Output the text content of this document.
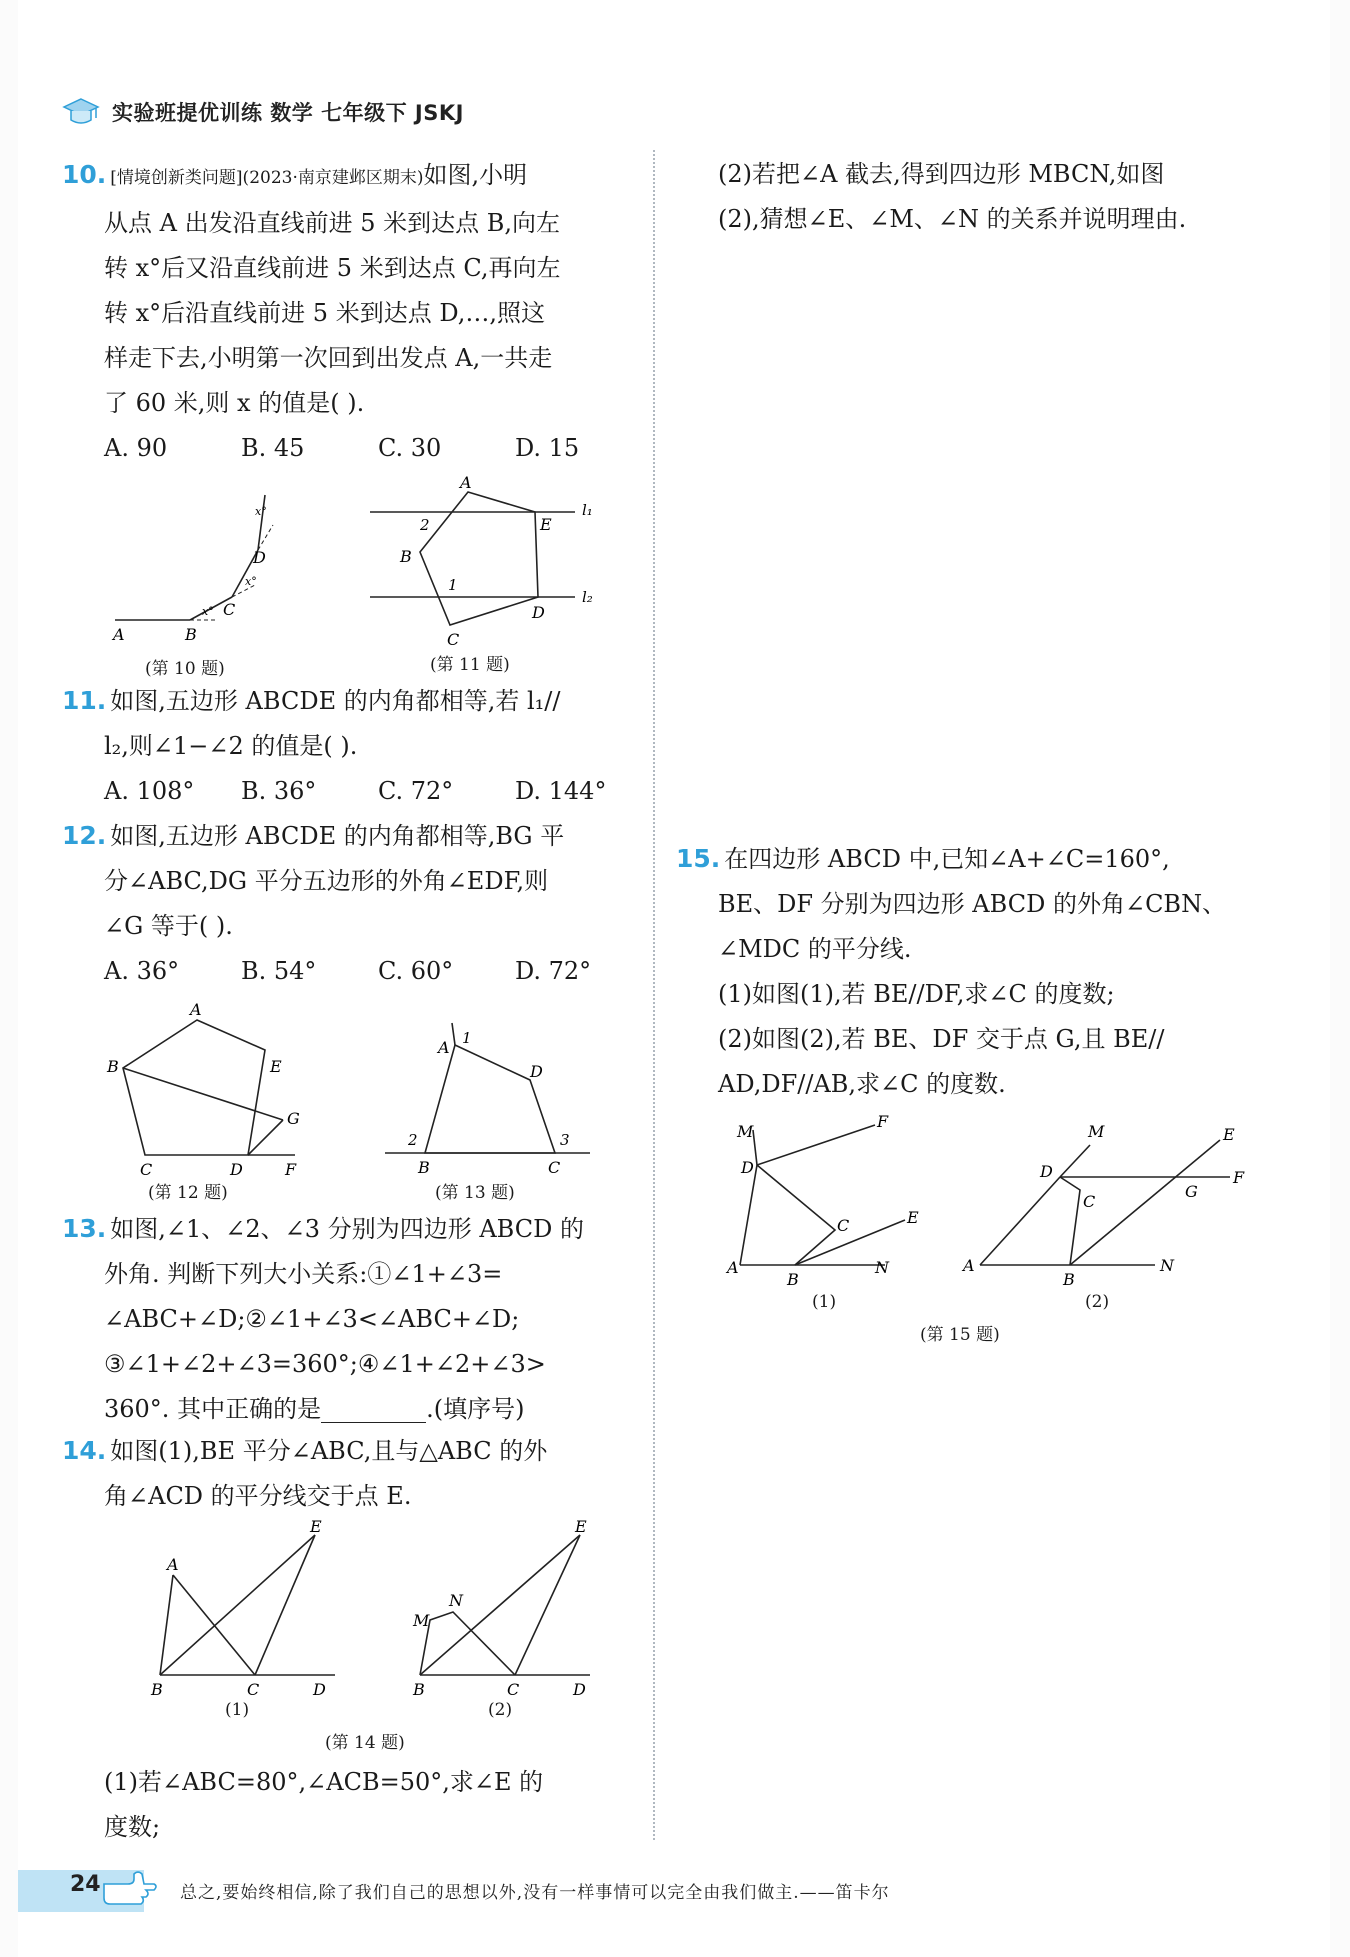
实验班提优训练 数学 七年级下 JSKJ
10. [情境创新类问题](2023·南京建邺区期末)如图,小明
从点 A 出发沿直线前进 5 米到达点 B,向左
转 x°后又沿直线前进 5 米到达点 C,再向左
转 x°后沿直线前进 5 米到达点 D,…,照这
样走下去,小明第一次回到出发点 A,一共走
了 60 米,则 x 的值是( ).
A. 90	B. 45	C. 30	D. 15
A	B
C
D
x°
x°
x°
(第 10 题)
A
E
B
C
D
2
1
l₁
l₂
(第 11 题)
11. 如图,五边形 ABCDE 的内角都相等,若 l₁//
l₂,则∠1−∠2 的值是( ).
A. 108°	B. 36°	C. 72°	D. 144°
12. 如图,五边形 ABCDE 的内角都相等,BG 平
分∠ABC,DG 平分五边形的外角∠EDF,则
∠G 等于( ).
A. 36°	B. 54°	C. 60°	D. 72°
A
E
B
G
C	D	F
(第 12 题)
A 1
D
2	3
B	C
(第 13 题)
13. 如图,∠1、∠2、∠3 分别为四边形 ABCD 的
外角. 判断下列大小关系:①∠1+∠3=
∠ABC+∠D;②∠1+∠3<∠ABC+∠D;
③∠1+∠2+∠3=360°;④∠1+∠2+∠3>
360°. 其中正确的是	.(填序号)
14. 如图(1),BE 平分∠ABC,且与△ABC 的外
角∠ACD 的平分线交于点 E.
A
E
B	C	D
(1)
M
N
E
B	C	D
(2)
(第 14 题)
(1)若∠ABC=80°,∠ACB=50°,求∠E 的
度数;
(2)若把∠A 截去,得到四边形 MBCN,如图
(2),猜想∠E、∠M、∠N 的关系并说明理由.
15. 在四边形 ABCD 中,已知∠A+∠C=160°,
BE、DF 分别为四边形 ABCD 的外角∠CBN、
∠MDC 的平分线.
(1)如图(1),若 BE//DF,求∠C 的度数;
(2)如图(2),若 BE、DF 交于点 G,且 BE//
AD,DF//AB,求∠C 的度数.
M
F
D
C	E
A
B
N
(1)
M	E
D	F
C
G
A
B
N
(2)
(第 15 题)
24	总之,要始终相信,除了我们自己的思想以外,没有一样事情可以完全由我们做主.——笛卡尔
